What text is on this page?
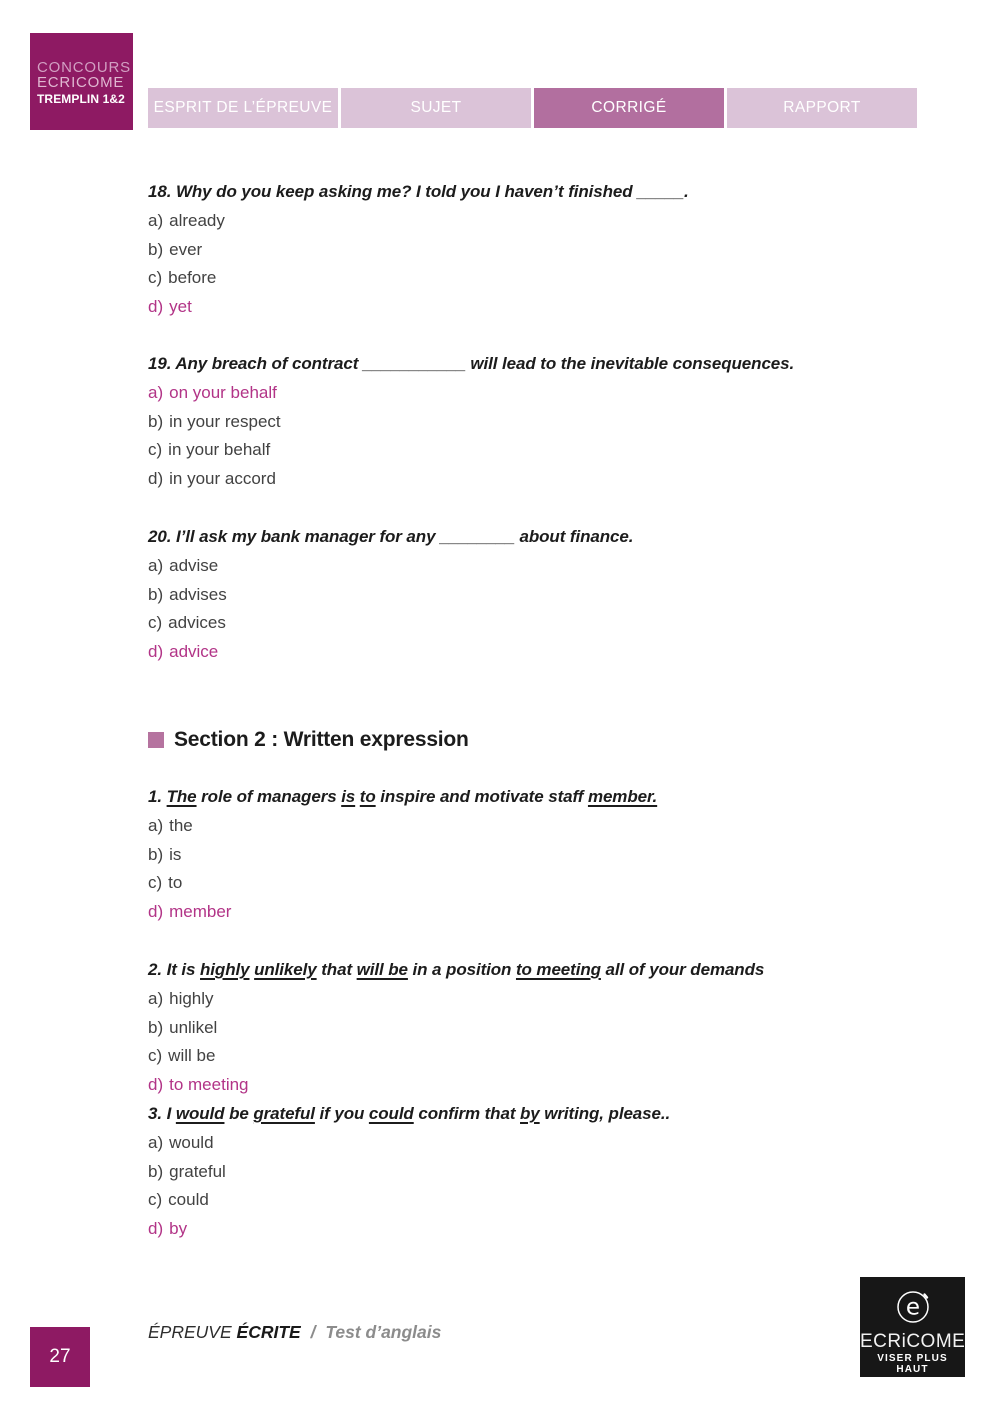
CONCOURS
ECRICOME
TREMPLIN 1&2	ESPRIT DE L’ÉPREUVE	SUJET	CORRIGÉ	RAPPORT
18. Why do you keep asking me? I told you I haven’t finished _____.
a) already
b) ever
c) before
d) yet
19. Any breach of contract ___________ will lead to the inevitable consequences.
a) on your behalf
b) in your respect
c) in your behalf
d) in your accord
20. I’ll ask my bank manager for any ________ about finance.
a) advise
b) advises
c) advices
d) advice
Section 2 : Written expression
1. The role of managers is to inspire and motivate staff member.
a) the
b) is
c) to
d) member
2. It is highly unlikely that will be in a position to meeting all of your demands
a) highly
b) unlikel
c) will be
d) to meeting
3. I would be grateful if you could confirm that by writing, please..
a) would
b) grateful
c) could
d) by
ÉPREUVE ÉCRITE / Test d’anglais
27
e
ECRiCOME
VISER PLUS HAUT
